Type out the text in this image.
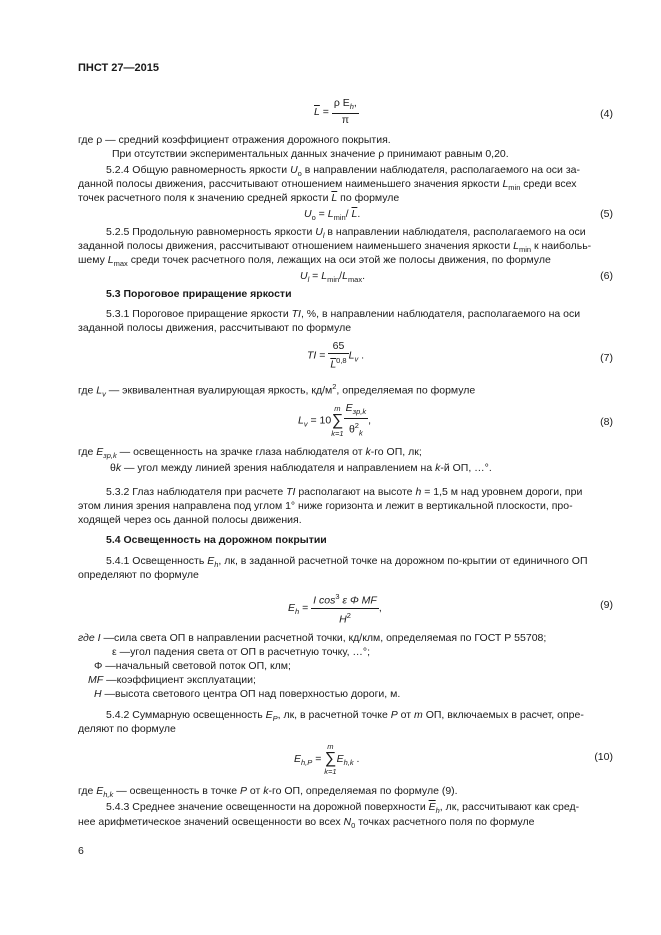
ПНСТ 27—2015
$\overline{L} = \frac{\rho E_h,}{\pi}$	(4)
где ρ — средний коэффициент отражения дорожного покрытия.
При отсутствии экспериментальных данных значение ρ принимают равным 0,20.
5.2.4 Общую равномерность яркости $U_o$ в направлении наблюдателя, располагаемого на оси за-
данной полосы движения, рассчитывают отношением наименьшего значения яркости $L_{min}$ среди всех
точек расчетного поля к значению средней яркости $\overline{L}$ по формуле
$U_o = L_{min}/$ $\overline{L}$.	(5)
5.2.5 Продольную равномерность яркости $U_l$ в направлении наблюдателя, располагаемого на оси
заданной полосы движения, рассчитывают отношением наименьшего значения яркости $L_{min}$ к наибольь-
шему $L_{max}$ среди точек расчетного поля, лежащих на оси этой же полосы движения, по формуле
$U_l = L_{min}/L_{max}$.	(6)
5.3 Пороговое приращение яркости
5.3.1 Пороговое приращение яркости TI, %, в направлении наблюдателя, располагаемого на оси
заданной полосы движения, рассчитывают по формуле
TI = $\frac{65}{\overline{L}^{0,8}} L_v$ .	(7)
где $L_v$ — эквивалентная вуалирующая яркость, $кд/м^2$, определяемая по формуле
$L_v = 10$
m
∑
$k=1 \frac{E_{зр,k}}{\theta^2_k}$ ,	(8)
где $E_{зр,k}$ — освещенность на зрачке глаза наблюдателя от k-го ОП, лк;
θk — угол между линией зрения наблюдателя и направлением на k-й ОП, …°.
5.3.2 Глаз наблюдателя при расчете TI располагают на высоте h = 1,5 м над уровнем дороги, при
этом линия зрения направлена под углом 1° ниже горизонта и лежит в вертикальной плоскости, про-
ходящей через ось данной полосы движения.
5.4 Освещенность на дорожном покрытии
5.4.1 Освещенность $E_h$, лк, в заданной расчетной точке на дорожном по-крытии от единичного ОП
определяют по формуле
$E_h = \frac{I \cos^3 \varepsilon \Phi MF}{H^2}$ ,	(9)
где I —сила света ОП в направлении расчетной точки, кд/клм, определяемая по ГОСТ Р 55708;
ε —угол падения света от ОП в расчетную точку, …°;
Φ —начальный световой поток ОП, клм;
MF —коэффициент эксплуатации;
H —высота светового центра ОП над поверхностью дороги, м.
5.4.2 Суммарную освещенность $E_P$, лк, в расчетной точке P от m ОП, включаемых в расчет, опре-
деляют по формуле
$E_{h,P}$ =
m
∑
k=1
$E_{h,k}$ .	(10)
где $E_{h,k}$ — освещенность в точке P от k-го ОП, определяемая по формуле (9).
5.4.3 Среднее значение освещенности на дорожной поверхности $\overline{E}_h$, лк, рассчитывают как сред-
нее арифметическое значений освещенности во всех $N_0$ точках расчетного поля по формуле
6
